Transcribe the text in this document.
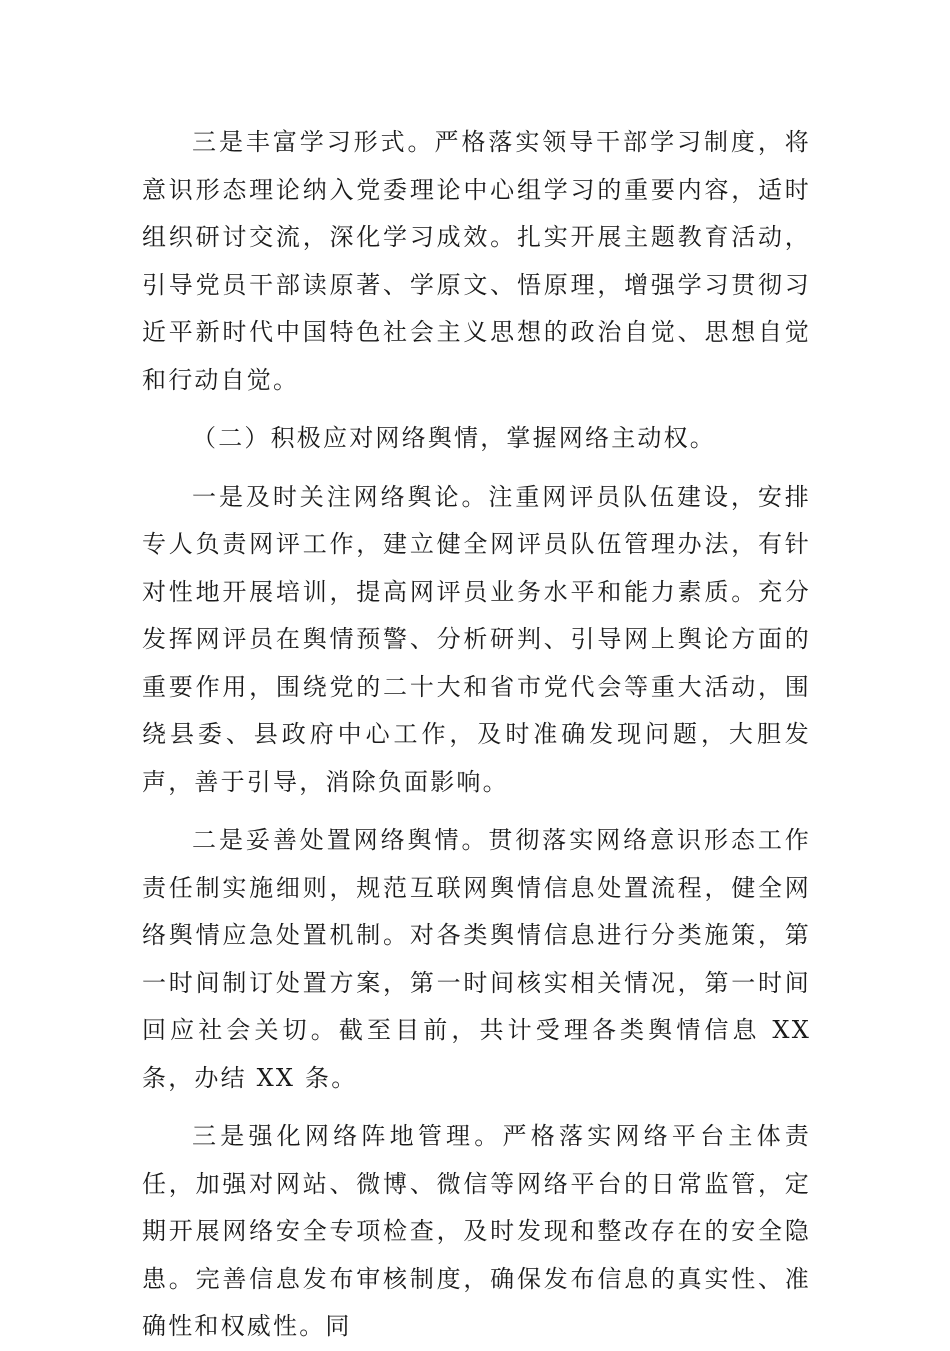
三是丰富学习形式。严格落实领导干部学习制度，将意识形态理论纳入党委理论中心组学习的重要内容，适时组织研讨交流，深化学习成效。扎实开展主题教育活动，引导党员干部读原著、学原文、悟原理，增强学习贯彻习近平新时代中国特色社会主义思想的政治自觉、思想自觉和行动自觉。

（二）积极应对网络舆情，掌握网络主动权。

一是及时关注网络舆论。注重网评员队伍建设，安排专人负责网评工作，建立健全网评员队伍管理办法，有针对性地开展培训，提高网评员业务水平和能力素质。充分发挥网评员在舆情预警、分析研判、引导网上舆论方面的重要作用，围绕党的二十大和省市党代会等重大活动，围绕县委、县政府中心工作，及时准确发现问题，大胆发声，善于引导，消除负面影响。

二是妥善处置网络舆情。贯彻落实网络意识形态工作责任制实施细则，规范互联网舆情信息处置流程，健全网络舆情应急处置机制。对各类舆情信息进行分类施策，第一时间制订处置方案，第一时间核实相关情况，第一时间回应社会关切。截至目前，共计受理各类舆情信息 XX 条，办结 XX 条。

三是强化网络阵地管理。严格落实网络平台主体责任，加强对网站、微博、微信等网络平台的日常监管，定期开展网络安全专项检查，及时发现和整改存在的安全隐患。完善信息发布审核制度，确保发布信息的真实性、准确性和权威性。同
